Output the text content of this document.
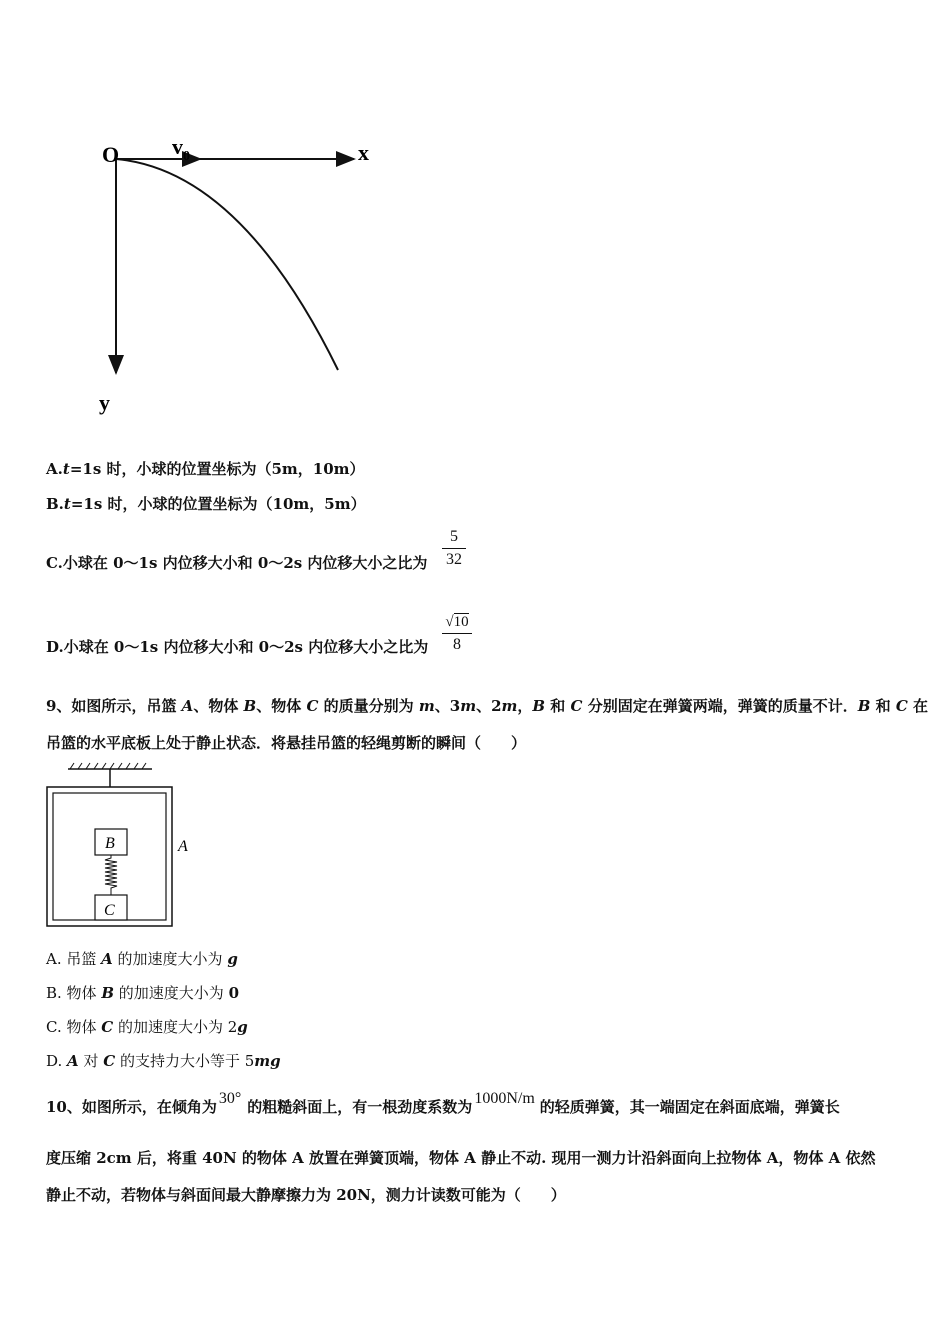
O v 0	x
y
A.t=1s 时，小球的位置坐标为（5m，10m）
B.t=1s 时，小球的位置坐标为（10m，5m）
C.小球在 0～1s 内位移大小和 0～2s 内位移大小之比为
5
32
D.小球在 0～1s 内位移大小和 0～2s 内位移大小之比为
√10
8
9、如图所示，吊篮 A、物体 B、物体 C 的质量分别为 m、3m、2m，B 和 C 分别固定在弹簧两端，弹簧的质量不计．B 和 C 在
吊篮的水平底板上处于静止状态．将悬挂吊篮的轻绳剪断的瞬间（　　）
B
C
A
A. 吊篮 A 的加速度大小为 g
B. 物体 B 的加速度大小为 0
C. 物体 C 的加速度大小为 2g
D. A 对 C 的支持力大小等于 5mg
10、如图所示，在倾角为 30° 的粗糙斜面上，有一根劲度系数为 1000N/m 的轻质弹簧，其一端固定在斜面底端，弹簧长
度压缩 2cm 后，将重 40N 的物体 A 放置在弹簧顶端，物体 A 静止不动. 现用一测力计沿斜面向上拉物体 A，物体 A 依然
静止不动，若物体与斜面间最大静摩擦力为 20N，测力计读数可能为（　　）
